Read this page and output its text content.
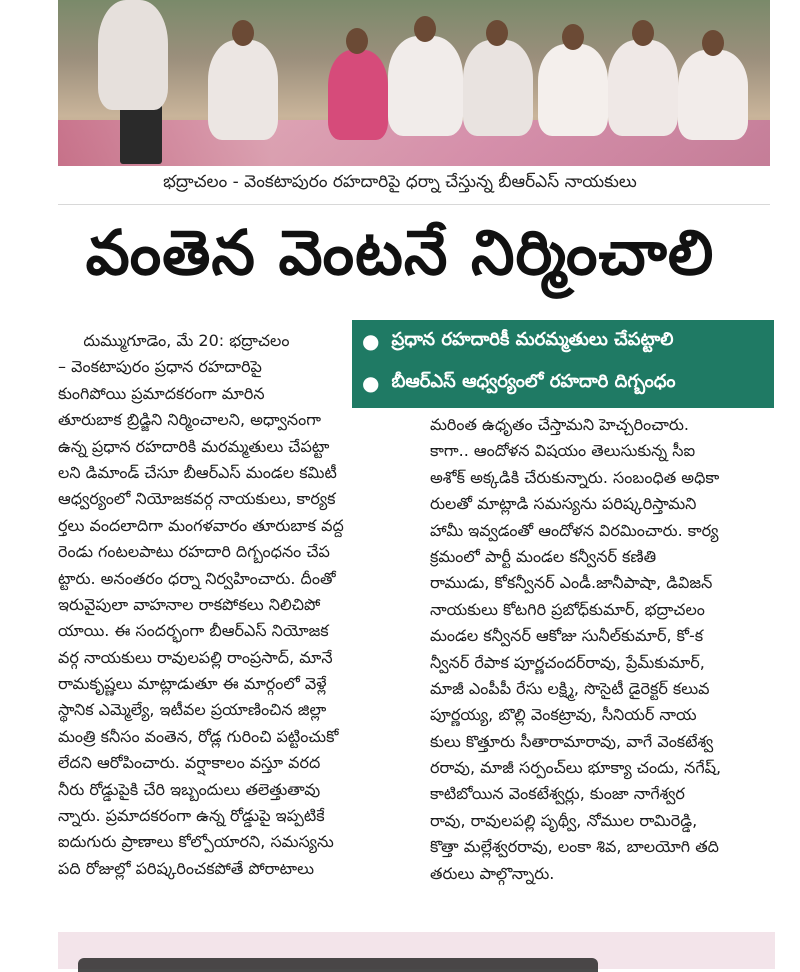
భద్రాచలం - వెంకటాపురం రహదారిపై ధర్నా చేస్తున్న బీఆర్ఎస్ నాయకులు
వంతెన వెంటనే నిర్మించాలి
● ప్రధాన రహదారికీ మరమ్మతులు చేపట్టాలి
● బీఆర్ఎస్ ఆధ్వర్యంలో రహదారి దిగ్బంధం
దుమ్ముగూడెం, మే 20: భద్రాచలం
– వెంకటాపురం ప్రధాన రహదారిపై
కుంగిపోయి ప్రమాదకరంగా మారిన
తూరుబాక బ్రిడ్జిని నిర్మించాలని, అధ్వానంగా
ఉన్న ప్రధాన రహదారికి మరమ్మతులు చేపట్టా
లని డిమాండ్ చేసూ బీఆర్ఎస్ మండల కమిటీ
ఆధ్వర్యంలో నియోజకవర్గ నాయకులు, కార్యక
ర్తలు వందలాదిగా మంగళవారం తూరుబాక వద్ద
రెండు గంటలపాటు రహదారి దిగ్బంధనం చేప
ట్టారు. అనంతరం ధర్నా నిర్వహించారు. దీంతో
ఇరువైపులా వాహనాల రాకపోకలు నిలిచిపో
యాయి. ఈ సందర్భంగా బీఆర్ఎస్ నియోజక
వర్గ నాయకులు రావులపల్లి రాంప్రసాద్, మానే
రామకృష్ణలు మాట్లాడుతూ ఈ మార్గంలో వెళ్లే
స్థానిక ఎమ్మెల్యే, ఇటీవల ప్రయాణించిన జిల్లా
మంత్రి కనీసం వంతెన, రోడ్ల గురించి పట్టించుకో
లేదని ఆరోపించారు. వర్షాకాలం వస్తూ వరద
నీరు రోడ్డుపైకి చేరి ఇబ్బందులు తలెత్తుతావు
న్నారు. ప్రమాదకరంగా ఉన్న రోడ్డుపై ఇప్పటికే
ఐదుగురు ప్రాణాలు కోల్పోయారని, సమస్యను
పది రోజుల్లో పరిష్కరించకపోతే పోరాటాలు
మరింత ఉధృతం చేస్తామని హెచ్చరించారు.
కాగా.. ఆందోళన విషయం తెలుసుకున్న సీఐ
అశోక్ అక్కడికి చేరుకున్నారు. సంబంధిత అధికా
రులతో మాట్లాడి సమస్యను పరిష్కరిస్తామని
హామీ ఇవ్వడంతో ఆందోళన విరమించారు. కార్య
క్రమంలో పార్టీ మండల కన్వీనర్ కణితి
రాముడు, కోకన్వీనర్ ఎండీ.జానీపాషా, డివిజన్
నాయకులు కోటగిరి ప్రబోధ్‌కుమార్, భద్రాచలం
మండల కన్వీనర్ ఆకోజు సునీల్‌కుమార్, కో-క
న్వీనర్ రేపాక పూర్ణచందర్‌రావు, ప్రేమ్‌కుమార్,
మాజీ ఎంపీపీ రేసు లక్ష్మి, సొసైటీ డైరెక్టర్ కలువ
పూర్ణయ్య, బొల్లి వెంకట్రావు, సీనియర్ నాయ
కులు కొత్తూరు సీతారామారావు, వాగే వెంకటేశ్వ
రరావు, మాజీ సర్పంచ్‌లు భూక్యా చందు, నగేష్,
కాటిబోయిన వెంకటేశ్వర్లు, కుంజా నాగేశ్వర
రావు, రావులపల్లి పృథ్వీ, నోముల రామిరెడ్డి,
కొత్తా మల్లేశ్వరరావు, లంకా శివ, బాలయోగి తది
తరులు పాల్గొన్నారు.
